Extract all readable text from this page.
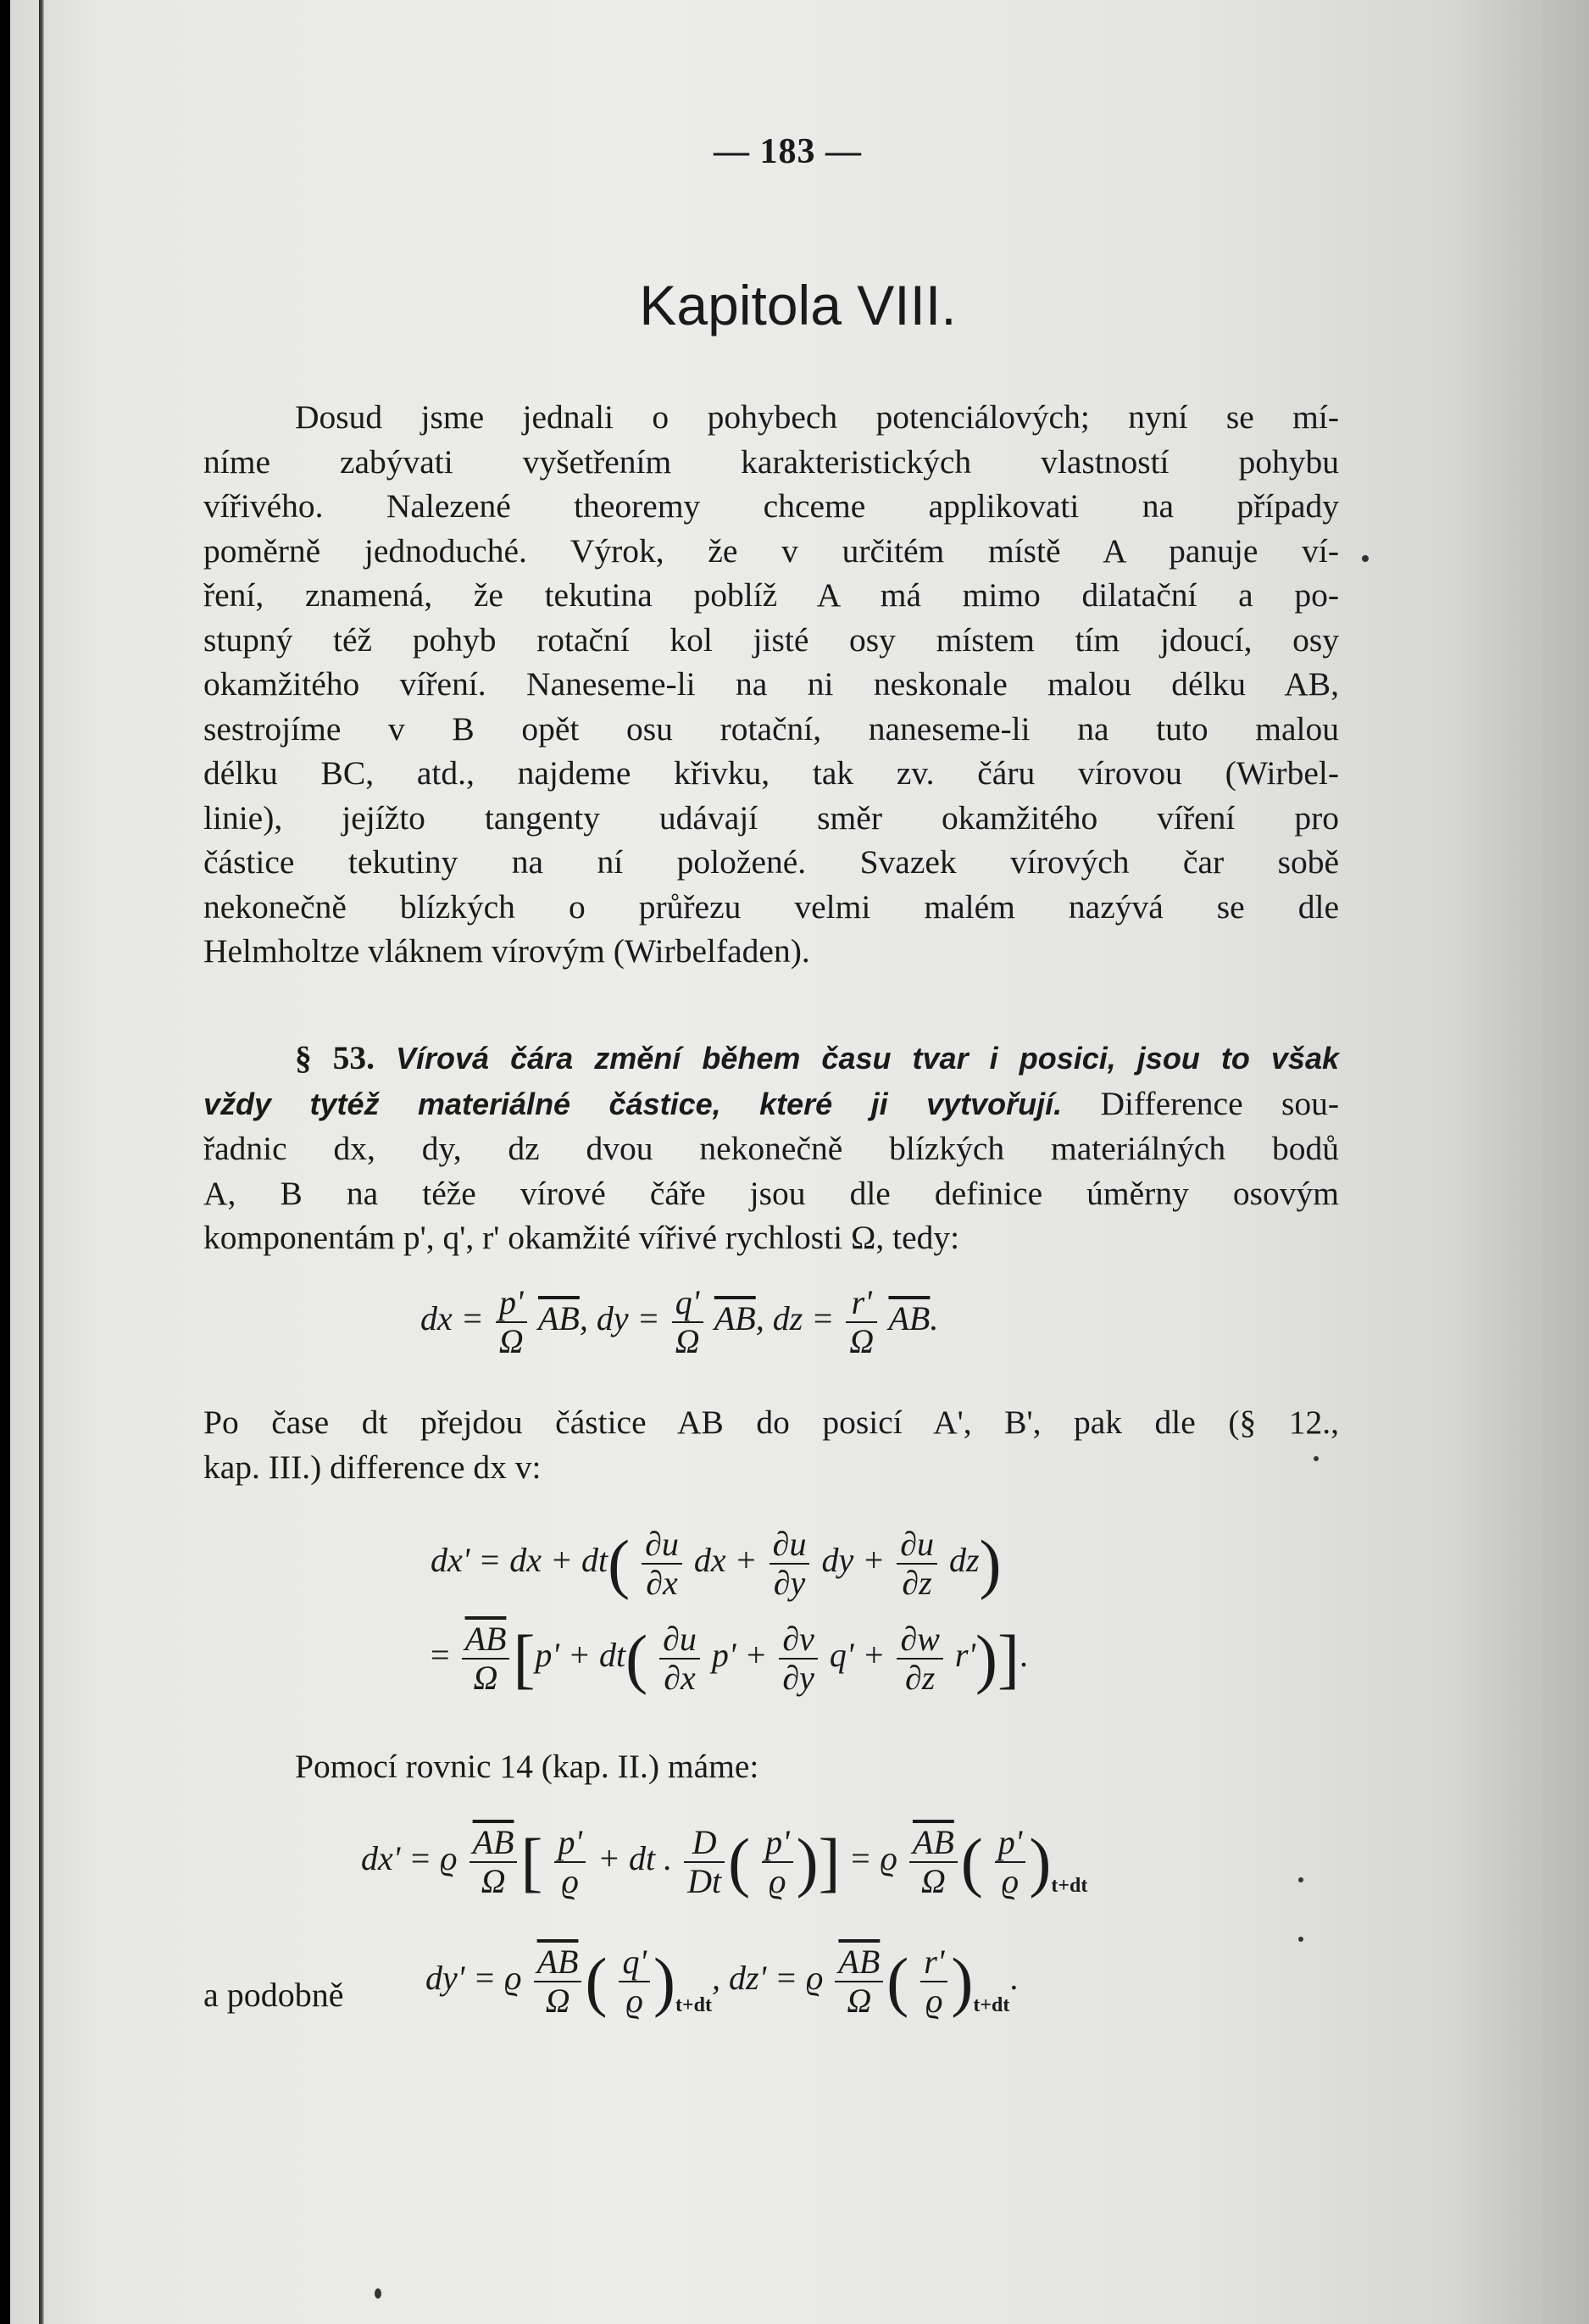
— 183 —
Kapitola VIII.
Dosud jsme jednali o pohybech potenciálových; nyní se mí-
níme zabývati vyšetřením karakteristických vlastností pohybu
vířivého. Nalezené theoremy chceme applikovati na případy
poměrně jednoduché. Výrok, že v určitém místě A panuje ví-
ření, znamená, že tekutina poblíž A má mimo dilatační a po-
stupný též pohyb rotační kol jisté osy místem tím jdoucí, osy
okamžitého víření. Naneseme-li na ni neskonale malou délku AB,
sestrojíme v B opět osu rotační, naneseme-li na tuto malou
délku BC, atd., najdeme křivku, tak zv. čáru vírovou (Wirbel-
linie), jejížto tangenty udávají směr okamžitého víření pro
částice tekutiny na ní položené. Svazek vírových čar sobě
nekonečně blízkých o průřezu velmi malém nazývá se dle
Helmholtze vláknem vírovým (Wirbelfaden).
§ 53. Vírová čára změní během času tvar i posici, jsou to však
vždy tytéž materiálné částice, které ji vytvořují. Difference sou-
řadnic dx, dy, dz dvou nekonečně blízkých materiálných bodů
A, B na téže vírové čáře jsou dle definice úměrny osovým
komponentám p', q', r' okamžité vířivé rychlosti Ω, tedy:
dx = $\frac{p'}{\Omega} \overline{AB}$, dy = $\frac{q'}{\Omega} \overline{AB}$, dz = $\frac{r'}{\Omega} \overline{AB}$.
Po čase dt přejdou částice AB do posicí A', B', pak dle (§ 12.,
kap. III.) difference dx v:
dx' = dx + $dt( \frac{\partial u}{\partial x}$ dx + $\frac{\partial u}{\partial y}$ dy + $\frac{\partial u}{\partial z} dz$)
= $\frac{\overline{AB}}{\Omega} [p' + dt( \frac{\partial u}{\partial x} p' + \frac{\partial v}{\partial y} q' + \frac{\partial w}{\partial z} r')]$.
Pomocí rovnic 14 (kap. II.) máme:
dx' = ϱ $\frac{\overline{AB}}{\Omega}$ [ $\frac{p'}{ϱ}$ + dt . $\frac{D}{Dt}$ ( $\frac{p'}{ϱ}$ )] = ϱ $\frac{\overline{AB}}{\Omega}$ ( $\frac{p'}{ϱ} )_{t+dt}$
a podobně dy' = ϱ $\frac{\overline{AB}}{\Omega}$ ( $\frac{q'}{ϱ} )_{t+dt}$, dz' = ϱ $\frac{\overline{AB}}{\Omega}$ ( $\frac{r'}{ϱ} )_{t+dt}$.
